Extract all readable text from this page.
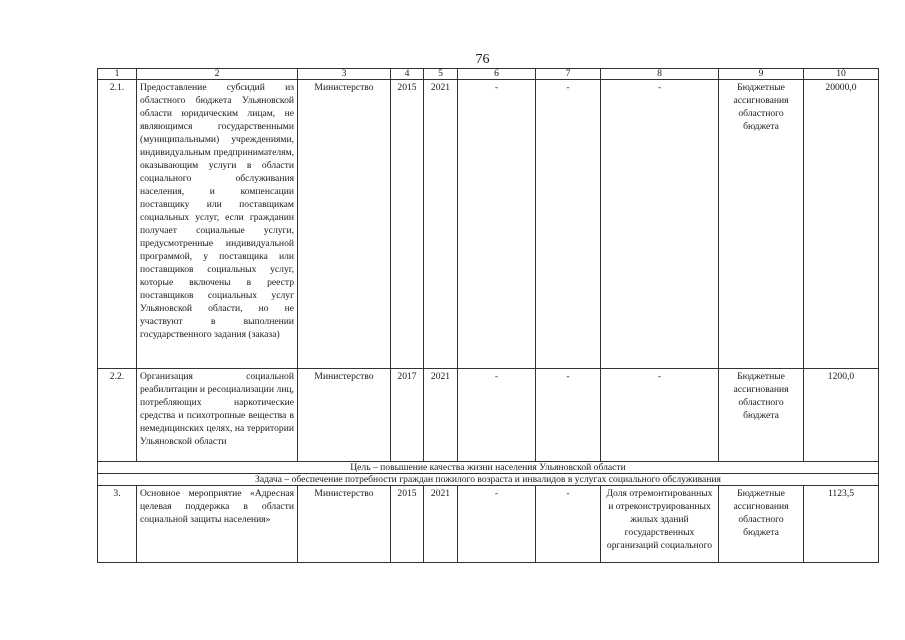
76
1	2	3	4	5	6	7	8	9	10
2.1.	Предоставление субсидий из областного бюджета Ульяновской области юридическим лицам, не являющимся государственными (муниципальными) учреждениями, индивидуальным предпринимателям, оказывающим услуги в области социального обслуживания населения, и компенсации поставщику или поставщикам социальных услуг, если гражданин получает социальные услуги, предусмотренные индивидуальной программой, у поставщика или поставщиков социальных услуг, которые включены в реестр поставщиков социальных услуг Ульяновской области, но не участвуют в выполнении государственного задания (заказа)	Министерство	2015	2021	-	-	-	Бюджетные ассигнования областного бюджета	20000,0
2.2.	Организация социальной реабилитации и ресоциализации лиц, потребляющих наркотические средства и психотропные вещества в немедицинских целях, на территории Ульяновской области	Министерство	2017	2021	-	-	-	Бюджетные ассигнования областного бюджета	1200,0
Цель – повышение качества жизни населения Ульяновской области									
Задача – обеспечение потребности граждан пожилого возраста и инвалидов в услугах социального обслуживания									
3.	Основное мероприятие «Адресная целевая поддержка в области социальной защиты населения»	Министерство	2015	2021	-	-	Доля отремонтированных и отреконструированных жилых зданий государственных организаций социального	Бюджетные ассигнования областного бюджета	1123,5
